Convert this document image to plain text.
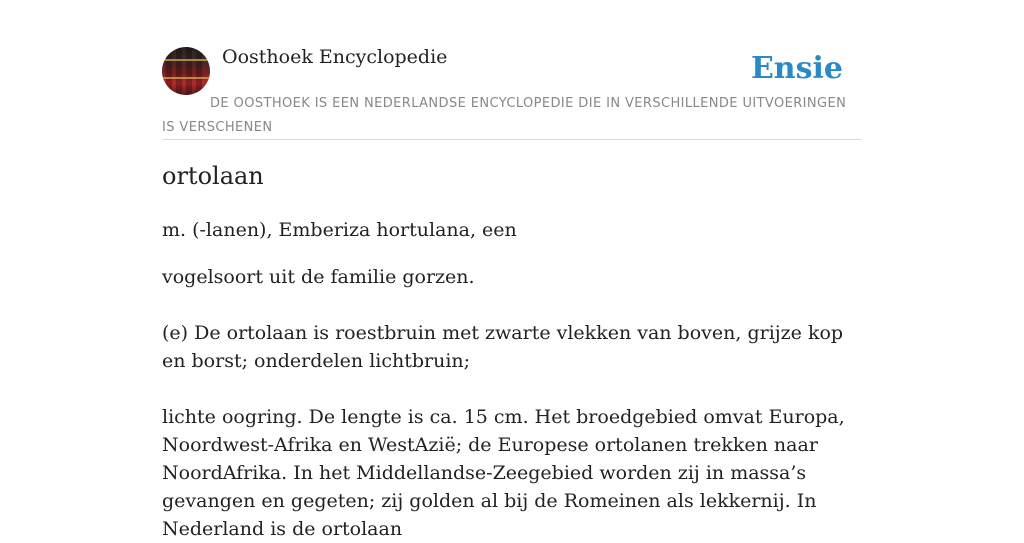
Oosthoek Encyclopedie	Ensie
DE OOSTHOEK IS EEN NEDERLANDSE ENCYCLOPEDIE DIE IN VERSCHILLENDE UITVOERINGEN IS VERSCHENEN
ortolaan

m. (-lanen), Emberiza hortulana, een

vogelsoort uit de familie gorzen.

(e) De ortolaan is roestbruin met zwarte vlekken van boven, grijze kop en borst; onderdelen lichtbruin;

lichte oogring. De lengte is ca. 15 cm. Het broedgebied omvat Europa, Noordwest-Afrika en WestAzië; de Europese ortolanen trekken naar NoordAfrika. In het Middellandse-Zeegebied worden zij in massa’s gevangen en gegeten; zij golden al bij de Romeinen als lekkernij. In Nederland is de ortolaan
